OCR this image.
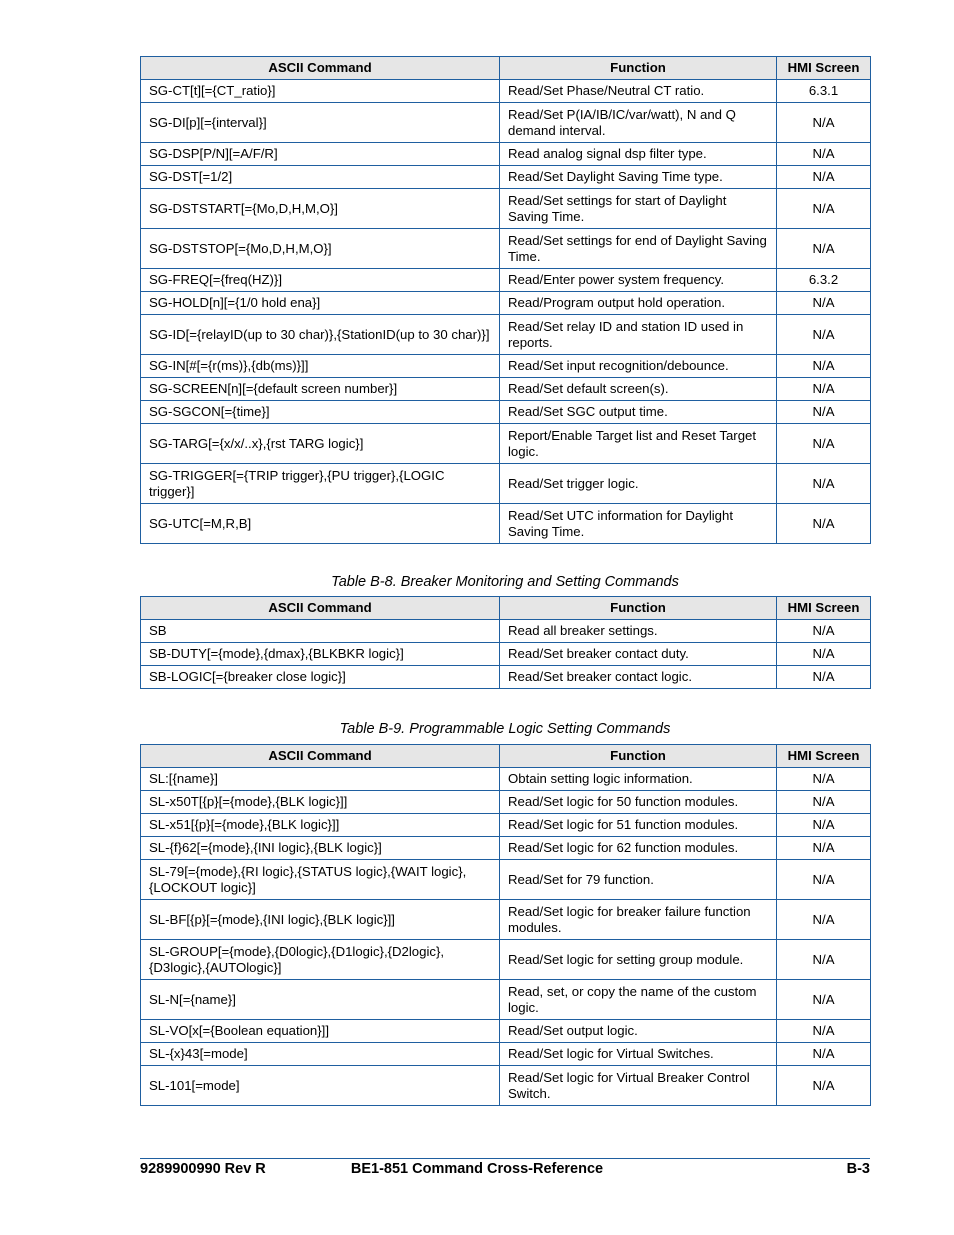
ASCII Command	Function	HMI Screen
SG-CT[t][={CT_ratio}]	Read/Set Phase/Neutral CT ratio.	6.3.1
SG-DI[p][={interval}]	Read/Set P(IA/IB/IC/var/watt), N and Q demand interval.	N/A
SG-DSP[P/N][=A/F/R]	Read analog signal dsp filter type.	N/A
SG-DST[=1/2]	Read/Set Daylight Saving Time type.	N/A
SG-DSTSTART[={Mo,D,H,M,O}]	Read/Set settings for start of Daylight Saving Time.	N/A
SG-DSTSTOP[={Mo,D,H,M,O}]	Read/Set settings for end of Daylight Saving Time.	N/A
SG-FREQ[={freq(HZ)}]	Read/Enter power system frequency.	6.3.2
SG-HOLD[n][={1/0 hold ena}]	Read/Program output hold operation.	N/A
SG-ID[={relayID(up to 30 char)},{StationID(up to 30 char)}]	Read/Set relay ID and station ID used in reports.	N/A
SG-IN[#[={r(ms)},{db(ms)}]]	Read/Set input recognition/debounce.	N/A
SG-SCREEN[n][={default screen number}]	Read/Set default screen(s).	N/A
SG-SGCON[={time}]	Read/Set SGC output time.	N/A
SG-TARG[={x/x/..x},{rst TARG logic}]	Report/Enable Target list and Reset Target logic.	N/A
SG-TRIGGER[={TRIP trigger},{PU trigger},{LOGIC trigger}]	Read/Set trigger logic.	N/A
SG-UTC[=M,R,B]	Read/Set UTC information for Daylight Saving Time.	N/A
Table B-8. Breaker Monitoring and Setting Commands
ASCII Command	Function	HMI Screen
SB	Read all breaker settings.	N/A
SB-DUTY[={mode},{dmax},{BLKBKR logic}]	Read/Set breaker contact duty.	N/A
SB-LOGIC[={breaker close logic}]	Read/Set breaker contact logic.	N/A
Table B-9. Programmable Logic Setting Commands
ASCII Command	Function	HMI Screen
SL:[{name}]	Obtain setting logic information.	N/A
SL-x50T[{p}[={mode},{BLK logic}]]	Read/Set logic for 50 function modules.	N/A
SL-x51[{p}[={mode},{BLK logic}]]	Read/Set logic for 51 function modules.	N/A
SL-{f}62[={mode},{INI logic},{BLK logic}]	Read/Set logic for 62 function modules.	N/A
SL-79[={mode},{RI logic},{STATUS logic},{WAIT logic},{LOCKOUT logic}]	Read/Set for 79 function.	N/A
SL-BF[{p}[={mode},{INI logic},{BLK logic}]]	Read/Set logic for breaker failure function modules.	N/A
SL-GROUP[={mode},{D0logic},{D1logic},{D2logic},{D3logic},{AUTOlogic}]	Read/Set logic for setting group module.	N/A
SL-N[={name}]	Read, set, or copy the name of the custom logic.	N/A
SL-VO[x[={Boolean equation}]]	Read/Set output logic.	N/A
SL-{x}43[=mode]	Read/Set logic for Virtual Switches.	N/A
SL-101[=mode]	Read/Set logic for Virtual Breaker Control Switch.	N/A
9289900990 Rev R	BE1-851 Command Cross-Reference	B-3
